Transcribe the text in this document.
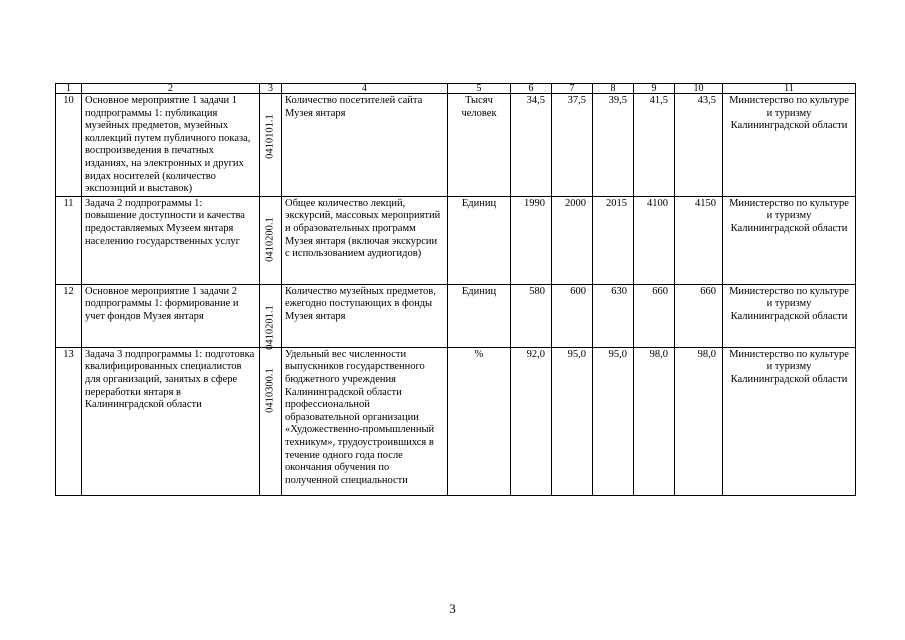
1	2	3	4	5	6	7	8	9	10	11
10	Основное мероприятие 1 задачи 1 подпрограммы 1: публикация музейных предметов, музейных коллекций путем публичного показа, воспроизведения в печатных изданиях, на электронных и других видах носителей (количество экспозиций и выставок)	0410101.1	Количество посетителей сайта Музея янтаря	Тысяч человек	34,5	37,5	39,5	41,5	43,5	Министерство по культуре и туризму Калининградской области
11	Задача 2 подпрограммы 1: повышение доступности и качества предоставляемых Музеем янтаря населению государственных услуг	0410200.1	Общее количество лекций, экскурсий, массовых мероприятий и образовательных программ Музея янтаря (включая экскурсии с использованием аудиогидов)	Единиц	1990	2000	2015	4100	4150	Министерство по культуре и туризму Калининградской области
12	Основное мероприятие 1 задачи 2 подпрограммы 1: формирование и учет фондов Музея янтаря	0410201.1	Количество музейных предметов, ежегодно поступающих в фонды Музея янтаря	Единиц	580	600	630	660	660	Министерство по культуре и туризму Калининградской области
13	Задача 3 подпрограммы 1: подготовка квалифицированных специалистов для организаций, занятых в сфере переработки янтаря в Калининградской области	0410300.1	Удельный вес численности выпускников государственного бюджетного учреждения Калининградской области профессиональной образовательной организации «Художественно-промышленный техникум», трудоустроившихся в течение одного года после окончания обучения по полученной специальности	%	92,0	95,0	95,0	98,0	98,0	Министерство по культуре и туризму Калининградской области
3
